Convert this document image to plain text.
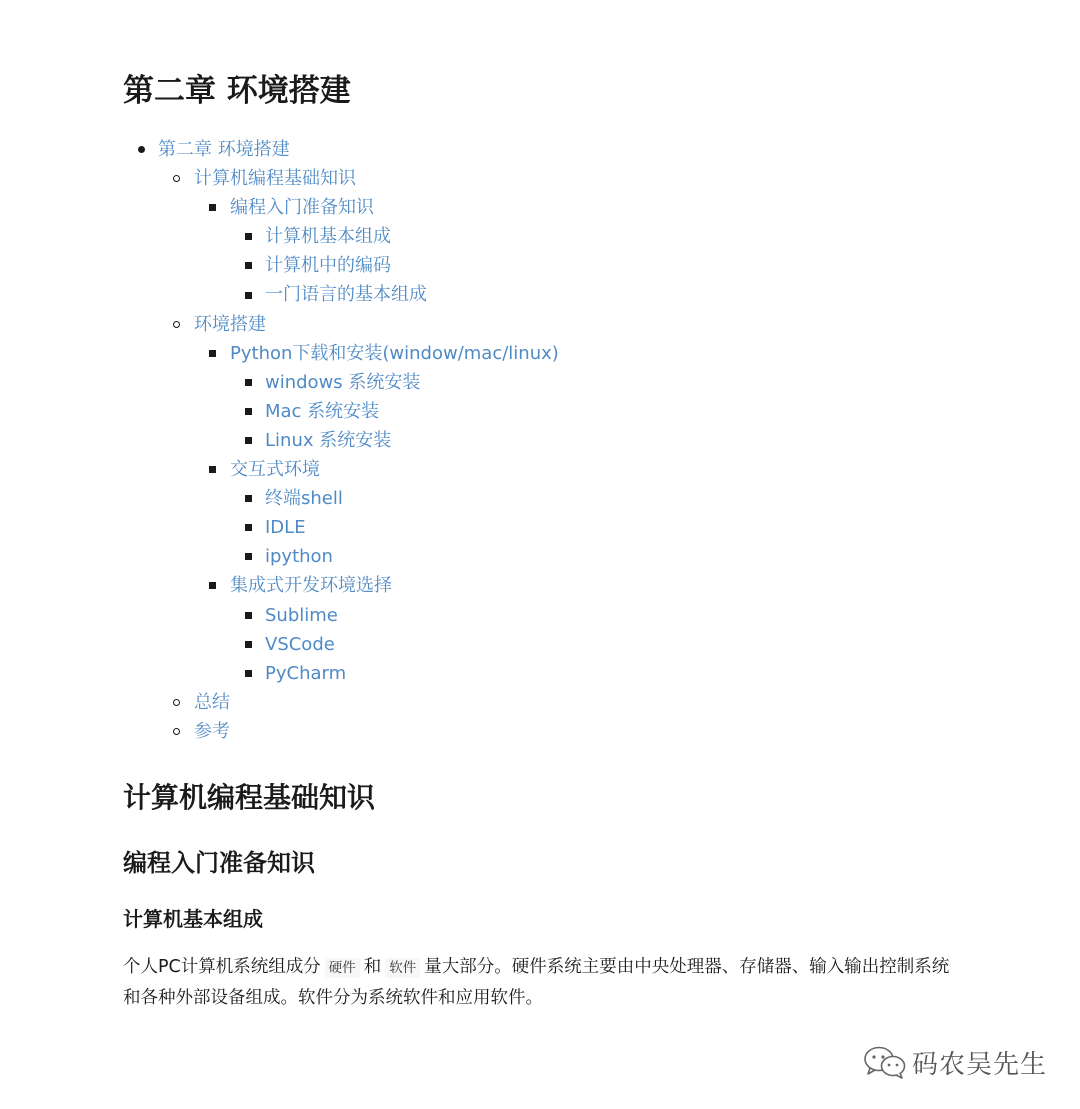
第二章 环境搭建
第二章 环境搭建
计算机编程基础知识
编程入门准备知识
计算机基本组成
计算机中的编码
一门语言的基本组成
环境搭建
Python下载和安装(window/mac/linux)
windows 系统安装
Mac 系统安装
Linux 系统安装
交互式环境
终端shell
IDLE
ipython
集成式开发环境选择
Sublime
VSCode
PyCharm
总结
参考
计算机编程基础知识
编程入门准备知识
计算机基本组成

个人PC计算机系统组成分 硬件 和 软件 量大部分。硬件系统主要由中央处理器、存储器、输入输出控制系统和各种外部设备组成。软件分为系统软件和应用软件。

码农吴先生
